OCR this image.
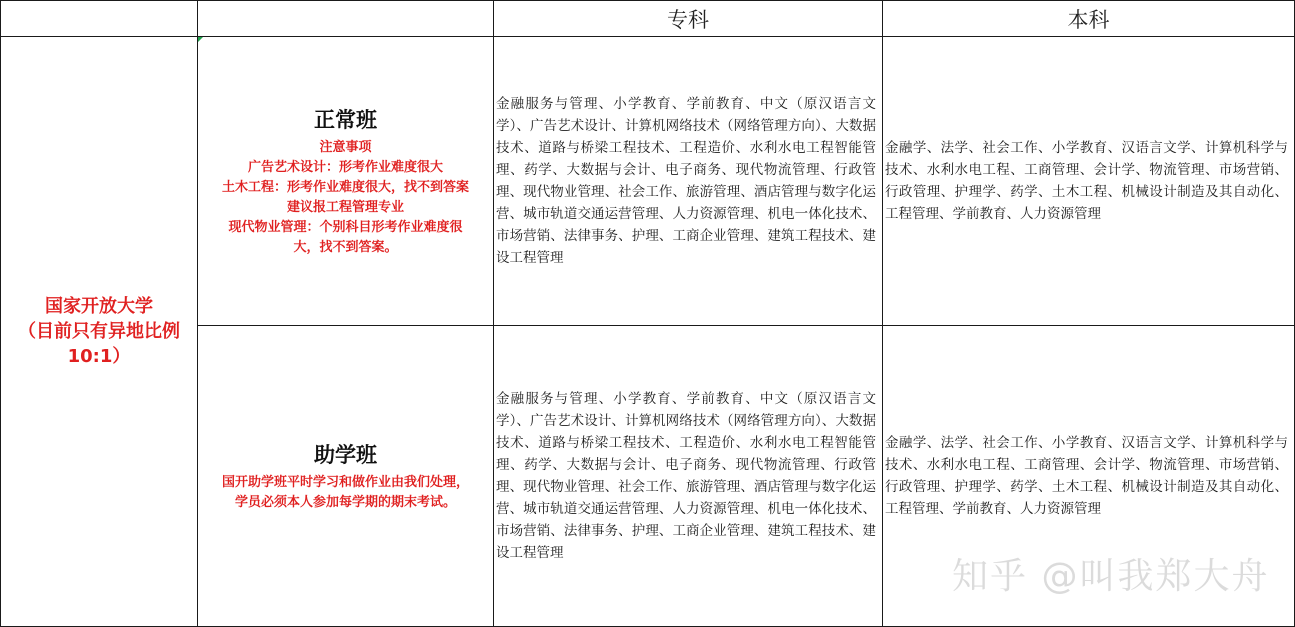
专科	本科
国家开放大学
（目前只有异地比例
10:1）
正常班
注意事项
广告艺术设计：形考作业难度很大
土木工程：形考作业难度很大，找不到答案
建议报工程管理专业
现代物业管理：个别科目形考作业难度很
大，找不到答案。
金融服务与管理、小学教育、学前教育、中文（原汉语言文学）、广告艺术设计、计算机网络技术（网络管理方向）、大数据技术、道路与桥梁工程技术、工程造价、水利水电工程智能管理、药学、大数据与会计、电子商务、现代物流管理、行政管理、现代物业管理、社会工作、旅游管理、酒店管理与数字化运营、城市轨道交通运营管理、人力资源管理、机电一体化技术、市场营销、法律事务、护理、工商企业管理、建筑工程技术、建设工程管理
金融学、法学、社会工作、小学教育、汉语言文学、计算机科学与技术、水利水电工程、工商管理、会计学、物流管理、市场营销、行政管理、护理学、药学、土木工程、机械设计制造及其自动化、工程管理、学前教育、人力资源管理
助学班
国开助学班平时学习和做作业由我们处理，
学员必须本人参加每学期的期末考试。
金融服务与管理、小学教育、学前教育、中文（原汉语言文学）、广告艺术设计、计算机网络技术（网络管理方向）、大数据技术、道路与桥梁工程技术、工程造价、水利水电工程智能管理、药学、大数据与会计、电子商务、现代物流管理、行政管理、现代物业管理、社会工作、旅游管理、酒店管理与数字化运营、城市轨道交通运营管理、人力资源管理、机电一体化技术、市场营销、法律事务、护理、工商企业管理、建筑工程技术、建设工程管理
金融学、法学、社会工作、小学教育、汉语言文学、计算机科学与技术、水利水电工程、工商管理、会计学、物流管理、市场营销、行政管理、护理学、药学、土木工程、机械设计制造及其自动化、工程管理、学前教育、人力资源管理
知乎 @叫我郑大舟
